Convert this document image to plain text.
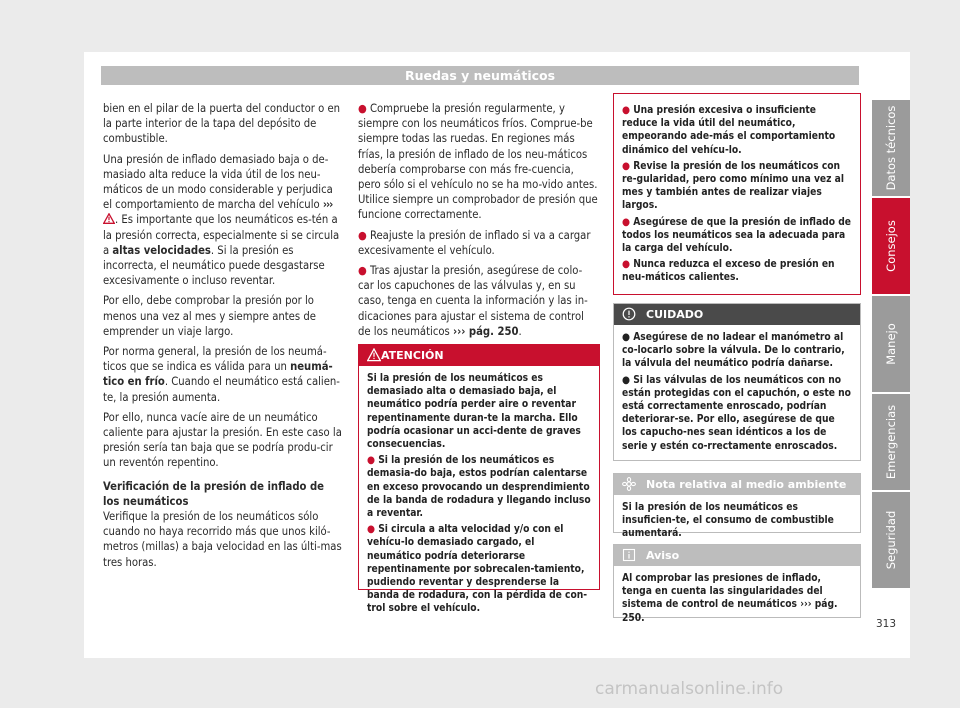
Ruedas y neumáticos

bien en el pilar de la puerta del conductor o en la parte interior de la tapa del depósito de combustible.

Una presión de inflado demasiado baja o de-masiado alta reduce la vida útil de los neu-máticos de un modo considerable y perjudica el comportamiento de marcha del vehículo ››› . Es importante que los neumáticos es-tén a la presión correcta, especialmente si se circula a altas velocidades. Si la presión es incorrecta, el neumático puede desgastarse excesivamente o incluso reventar.

Por ello, debe comprobar la presión por lo menos una vez al mes y siempre antes de emprender un viaje largo.

Por norma general, la presión de los neumá-ticos que se indica es válida para un neumá-tico en frío. Cuando el neumático está calien-te, la presión aumenta.

Por ello, nunca vacíe aire de un neumático caliente para ajustar la presión. En este caso la presión sería tan baja que se podría produ-cir un reventón repentino.

Verificación de la presión de inflado de los neumáticos

Verifique la presión de los neumáticos sólo cuando no haya recorrido más que unos kiló-metros (millas) a baja velocidad en las últi-mas tres horas.

● Compruebe la presión regularmente, y siempre con los neumáticos fríos. Comprue-be siempre todas las ruedas. En regiones más frías, la presión de inflado de los neu-máticos debería comprobarse con más fre-cuencia, pero sólo si el vehículo no se ha mo-vido antes. Utilice siempre un comprobador de presión que funcione correctamente.

● Reajuste la presión de inflado si va a cargar excesivamente el vehículo.

● Tras ajustar la presión, asegúrese de colo-car los capuchones de las válvulas y, en su caso, tenga en cuenta la información y las in-dicaciones para ajustar el sistema de control de los neumáticos ››› pág. 250.

ATENCIÓN

Si la presión de los neumáticos es demasiado alta o demasiado baja, el neumático podría perder aire o reventar repentinamente duran-te la marcha. Ello podría ocasionar un acci-dente de graves consecuencias.

● Si la presión de los neumáticos es demasia-do baja, estos podrían calentarse en exceso provocando un desprendimiento de la banda de rodadura y llegando incluso a reventar.

● Si circula a alta velocidad y/o con el vehícu-lo demasiado cargado, el neumático podría deteriorarse repentinamente por sobrecalen-tamiento, pudiendo reventar y desprenderse la banda de rodadura, con la pérdida de con-trol sobre el vehículo.

● Una presión excesiva o insuficiente reduce la vida útil del neumático, empeorando ade-más el comportamiento dinámico del vehícu-lo.

● Revise la presión de los neumáticos con re-gularidad, pero como mínimo una vez al mes y también antes de realizar viajes largos.

● Asegúrese de que la presión de inflado de todos los neumáticos sea la adecuada para la carga del vehículo.

● Nunca reduzca el exceso de presión en neu-máticos calientes.

CUIDADO

● Asegúrese de no ladear el manómetro al co-locarlo sobre la válvula. De lo contrario, la válvula del neumático podría dañarse.

● Si las válvulas de los neumáticos con no están protegidas con el capuchón, o este no está correctamente enroscado, podrían deteriorar-se. Por ello, asegúrese de que los capucho-nes sean idénticos a los de serie y estén co-rrectamente enroscados.

Nota relativa al medio ambiente

Si la presión de los neumáticos es insuficien-te, el consumo de combustible aumentará.

Aviso

Al comprobar las presiones de inflado, tenga en cuenta las singularidades del sistema de control de neumáticos ››› pág. 250.

Datos técnicos
Consejos
Manejo
Emergencias
Seguridad
313
carmanualsonline.info
